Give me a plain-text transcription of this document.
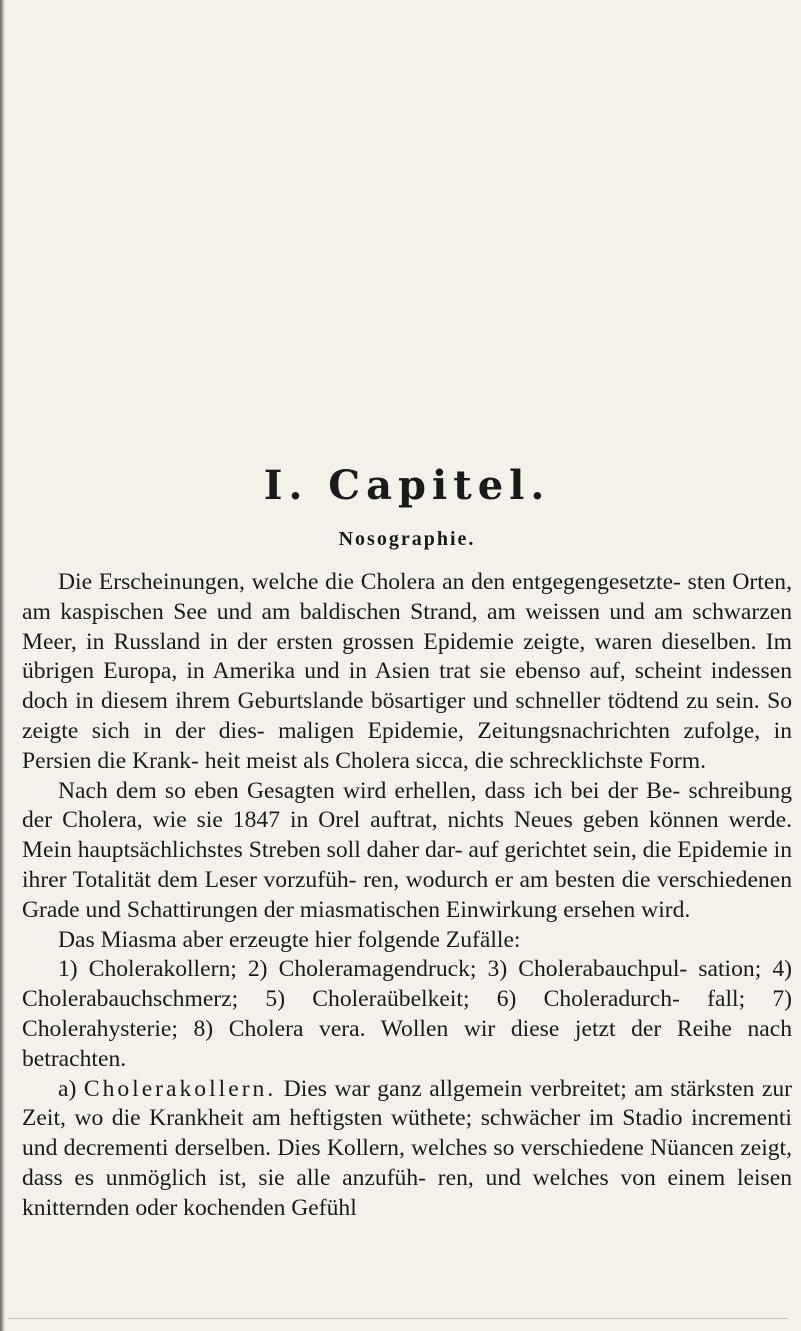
I. Capitel.
Nosographie.

Die Erscheinungen, welche die Cholera an den entgegengesetzte- sten Orten, am kaspischen See und am baldischen Strand, am weissen und am schwarzen Meer, in Russland in der ersten grossen Epidemie zeigte, waren dieselben. Im übrigen Europa, in Amerika und in Asien trat sie ebenso auf, scheint indessen doch in diesem ihrem Geburtslande bösartiger und schneller tödtend zu sein. So zeigte sich in der dies- maligen Epidemie, Zeitungsnachrichten zufolge, in Persien die Krank- heit meist als Cholera sicca, die schrecklichste Form.

Nach dem so eben Gesagten wird erhellen, dass ich bei der Be- schreibung der Cholera, wie sie 1847 in Orel auftrat, nichts Neues geben können werde. Mein hauptsächlichstes Streben soll daher dar- auf gerichtet sein, die Epidemie in ihrer Totalität dem Leser vorzufüh- ren, wodurch er am besten die verschiedenen Grade und Schattirungen der miasmatischen Einwirkung ersehen wird.

Das Miasma aber erzeugte hier folgende Zufälle:

1) Cholerakollern; 2) Choleramagendruck; 3) Cholerabauchpul- sation; 4) Cholerabauchschmerz; 5) Choleraübelkeit; 6) Choleradurch- fall; 7) Cholerahysterie; 8) Cholera vera. Wollen wir diese jetzt der Reihe nach betrachten.

a) Cholerakollern. Dies war ganz allgemein verbreitet; am stärksten zur Zeit, wo die Krankheit am heftigsten wüthete; schwächer im Stadio incrementi und decrementi derselben. Dies Kollern, welches so verschiedene Nüancen zeigt, dass es unmöglich ist, sie alle anzufüh- ren, und welches von einem leisen knitternden oder kochenden Gefühl
